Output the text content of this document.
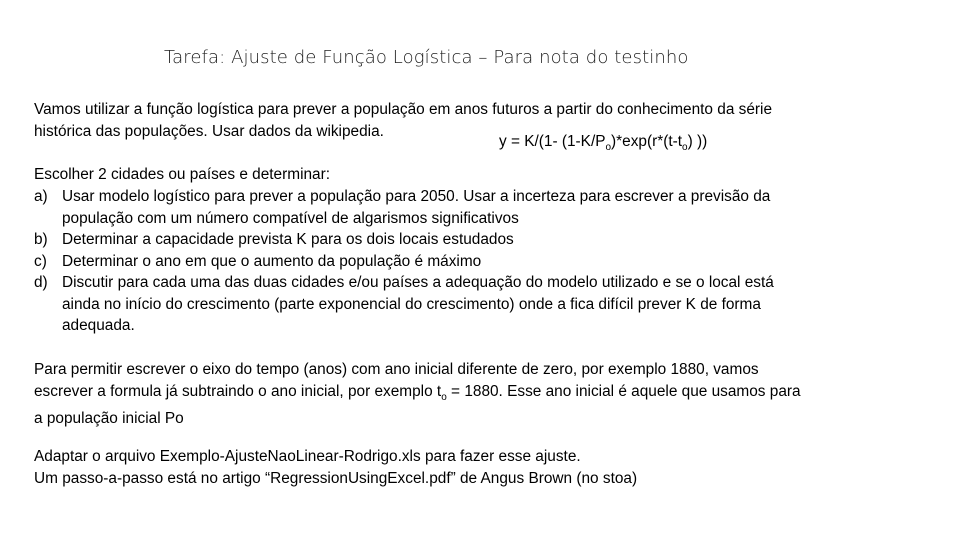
Tarefa: Ajuste de Função Logística – Para nota do testinho
Vamos utilizar a função logística para prever a população em anos futuros a partir do conhecimento da série
histórica das populações. Usar dados da wikipedia.
y = K/(1- $(1-K/P_o)*\exp(r*(t-t_o)$ ))
Escolher 2 cidades ou países e determinar:
a) Usar modelo logístico para prever a população para 2050. Usar a incerteza para escrever a previsão da
população com um número compatível de algarismos significativos
b) Determinar a capacidade prevista K para os dois locais estudados
c) Determinar o ano em que o aumento da população é máximo
d) Discutir para cada uma das duas cidades e/ou países a adequação do modelo utilizado e se o local está
ainda no início do crescimento (parte exponencial do crescimento) onde a fica difícil prever K de forma
adequada.
Para permitir escrever o eixo do tempo (anos) com ano inicial diferente de zero, por exemplo 1880, vamos
escrever a formula já subtraindo o ano inicial, por exemplo $t_o = 1880$. Esse ano inicial é aquele que usamos para
a população inicial Po
Adaptar o arquivo Exemplo-AjusteNaoLinear-Rodrigo.xls para fazer esse ajuste.
Um passo-a-passo está no artigo “RegressionUsingExcel.pdf” de Angus Brown (no stoa)
